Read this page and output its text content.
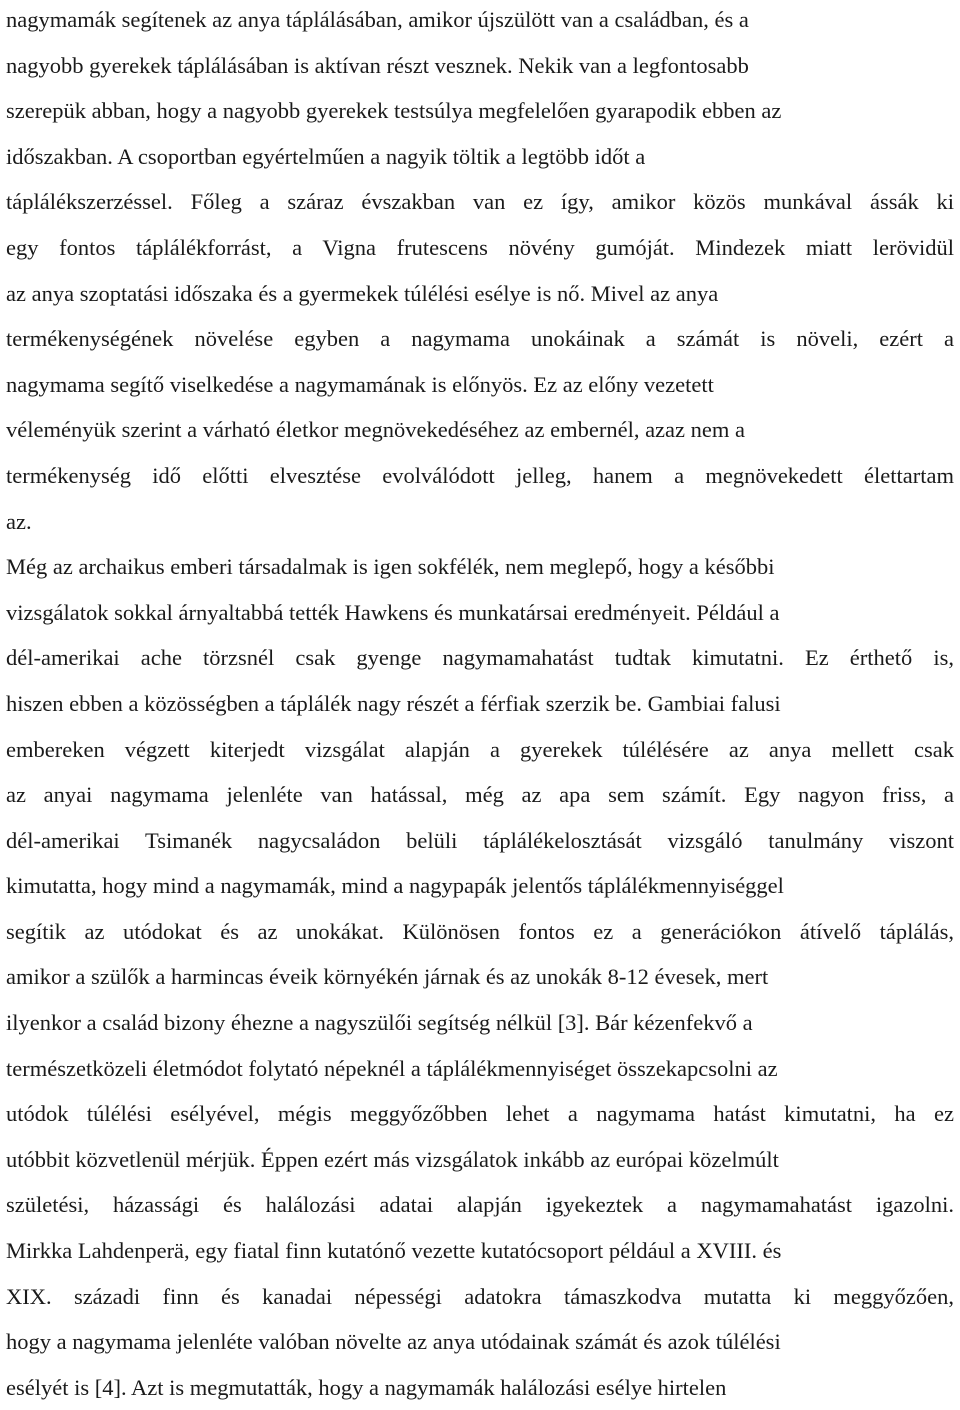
nagymamák segítenek az anya táplálásában, amikor újszülött van a családban, és a
nagyobb gyerekek táplálásában is aktívan részt vesznek. Nekik van a legfontosabb
szerepük abban, hogy a nagyobb gyerekek testsúlya megfelelően gyarapodik ebben az
időszakban. A csoportban egyértelműen a nagyik töltik a legtöbb időt a
táplálékszerzéssel. Főleg a száraz évszakban van ez így, amikor közös munkával ássák ki
egy fontos táplálékforrást, a Vigna frutescens növény gumóját. Mindezek miatt lerövidül
az anya szoptatási időszaka és a gyermekek túlélési esélye is nő. Mivel az anya
termékenységének növelése egyben a nagymama unokáinak a számát is növeli, ezért a
nagymama segítő viselkedése a nagymamának is előnyös. Ez az előny vezetett
véleményük szerint a várható életkor megnövekedéséhez az embernél, azaz nem a
termékenység idő előtti elvesztése evolválódott jelleg, hanem a megnövekedett élettartam
az.
Még az archaikus emberi társadalmak is igen sokfélék, nem meglepő, hogy a későbbi
vizsgálatok sokkal árnyaltabbá tették Hawkens és munkatársai eredményeit. Például a
dél-amerikai ache törzsnél csak gyenge nagymamahatást tudtak kimutatni. Ez érthető is,
hiszen ebben a közösségben a táplálék nagy részét a férfiak szerzik be. Gambiai falusi
embereken végzett kiterjedt vizsgálat alapján a gyerekek túlélésére az anya mellett csak
az anyai nagymama jelenléte van hatással, még az apa sem számít. Egy nagyon friss, a
dél-amerikai Tsimanék nagycsaládon belüli táplálékelosztását vizsgáló tanulmány viszont
kimutatta, hogy mind a nagymamák, mind a nagypapák jelentős táplálékmennyiséggel
segítik az utódokat és az unokákat. Különösen fontos ez a generációkon átívelő táplálás,
amikor a szülők a harmincas éveik környékén járnak és az unokák 8-12 évesek, mert
ilyenkor a család bizony éhezne a nagyszülői segítség nélkül [3]. Bár kézenfekvő a
természetközeli életmódot folytató népeknél a táplálékmennyiséget összekapcsolni az
utódok túlélési esélyével, mégis meggyőzőbben lehet a nagymama hatást kimutatni, ha ez
utóbbit közvetlenül mérjük. Éppen ezért más vizsgálatok inkább az európai közelmúlt
születési, házassági és halálozási adatai alapján igyekeztek a nagymamahatást igazolni.
Mirkka Lahdenperä, egy fiatal finn kutatónő vezette kutatócsoport például a XVIII. és
XIX. századi finn és kanadai népességi adatokra támaszkodva mutatta ki meggyőzően,
hogy a nagymama jelenléte valóban növelte az anya utódainak számát és azok túlélési
esélyét is [4]. Azt is megmutatták, hogy a nagymamák halálozási esélye hirtelen
